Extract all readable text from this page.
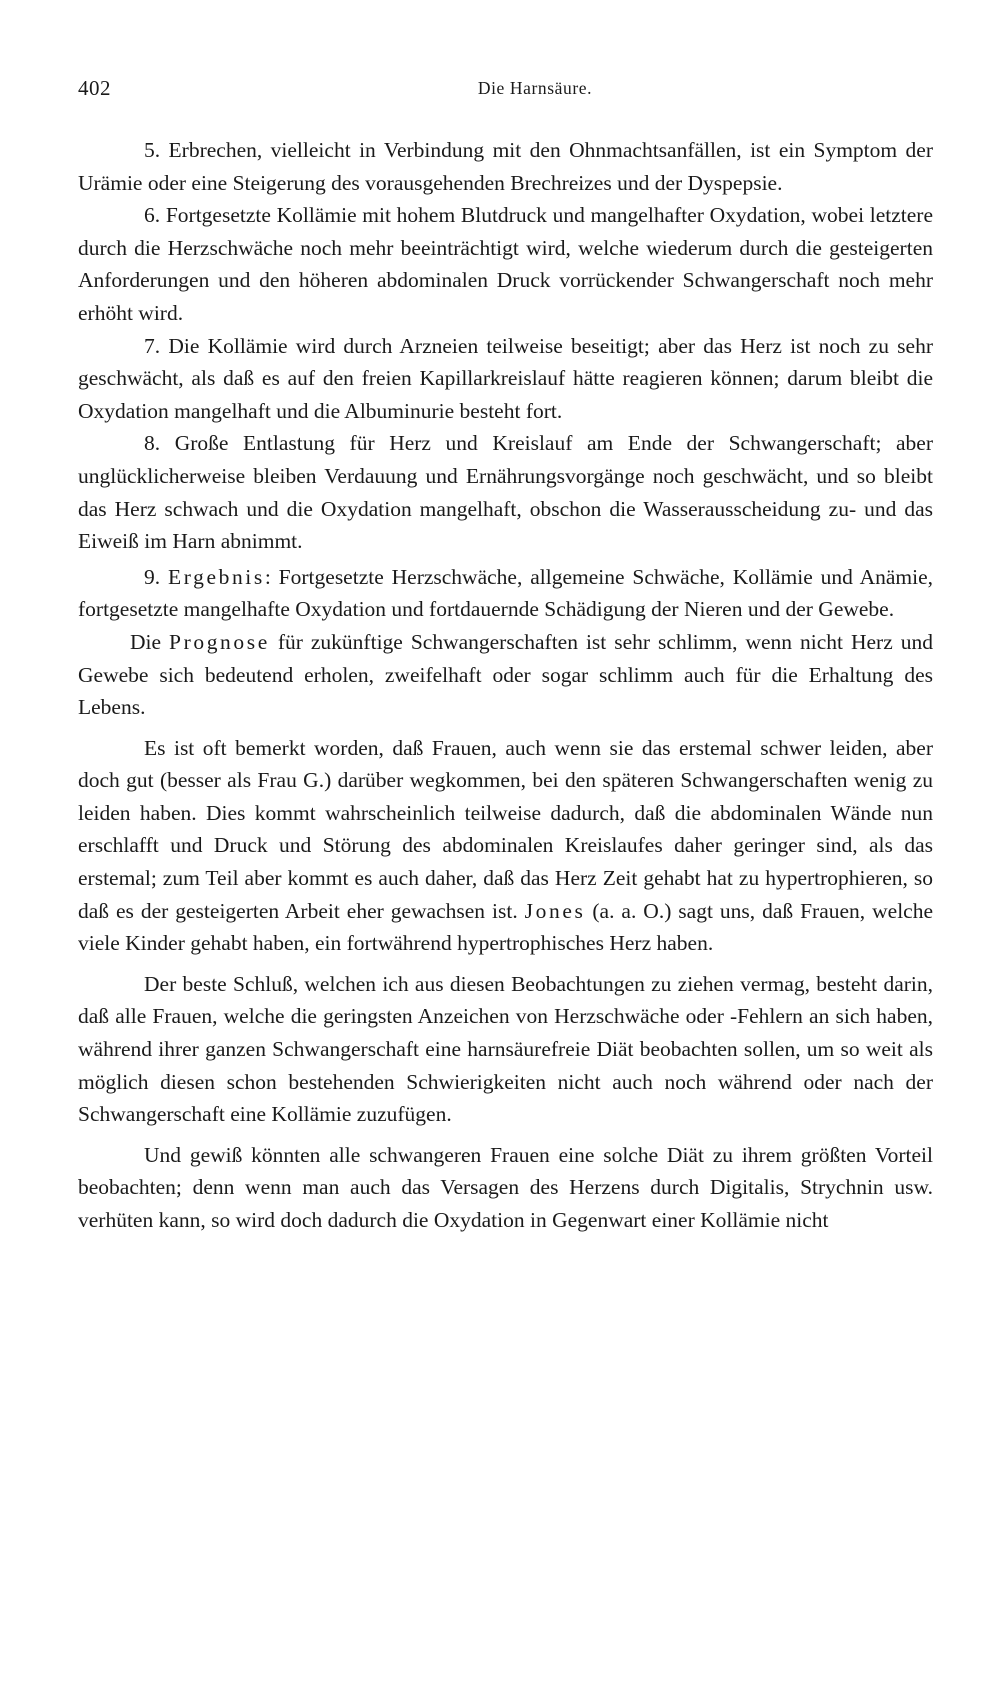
402	Die Harnsäure.

5. Erbrechen, vielleicht in Verbindung mit den Ohnmachtsanfällen, ist ein Symptom der Urämie oder eine Steigerung des vorausgehenden Brechreizes und der Dyspepsie.

6. Fortgesetzte Kollämie mit hohem Blutdruck und mangelhafter Oxydation, wobei letztere durch die Herzschwäche noch mehr beeinträchtigt wird, welche wiederum durch die gesteigerten Anforderungen und den höheren abdominalen Druck vorrückender Schwangerschaft noch mehr erhöht wird.

7. Die Kollämie wird durch Arzneien teilweise beseitigt; aber das Herz ist noch zu sehr geschwächt, als daß es auf den freien Kapillarkreislauf hätte reagieren können; darum bleibt die Oxydation mangelhaft und die Albuminurie besteht fort.

8. Große Entlastung für Herz und Kreislauf am Ende der Schwangerschaft; aber unglücklicherweise bleiben Verdauung und Ernährungsvorgänge noch geschwächt, und so bleibt das Herz schwach und die Oxydation mangelhaft, obschon die Wasserausscheidung zu- und das Eiweiß im Harn abnimmt.

9. Ergebnis: Fortgesetzte Herzschwäche, allgemeine Schwäche, Kollämie und Anämie, fortgesetzte mangelhafte Oxydation und fortdauernde Schädigung der Nieren und der Gewebe.

Die Prognose für zukünftige Schwangerschaften ist sehr schlimm, wenn nicht Herz und Gewebe sich bedeutend erholen, zweifelhaft oder sogar schlimm auch für die Erhaltung des Lebens.

Es ist oft bemerkt worden, daß Frauen, auch wenn sie das erstemal schwer leiden, aber doch gut (besser als Frau G.) darüber wegkommen, bei den späteren Schwangerschaften wenig zu leiden haben. Dies kommt wahrscheinlich teilweise dadurch, daß die abdominalen Wände nun erschlafft und Druck und Störung des abdominalen Kreislaufes daher geringer sind, als das erstemal; zum Teil aber kommt es auch daher, daß das Herz Zeit gehabt hat zu hypertrophieren, so daß es der gesteigerten Arbeit eher gewachsen ist. Jones (a. a. O.) sagt uns, daß Frauen, welche viele Kinder gehabt haben, ein fortwährend hypertrophisches Herz haben.

Der beste Schluß, welchen ich aus diesen Beobachtungen zu ziehen vermag, besteht darin, daß alle Frauen, welche die geringsten Anzeichen von Herzschwäche oder -Fehlern an sich haben, während ihrer ganzen Schwangerschaft eine harnsäurefreie Diät beobachten sollen, um so weit als möglich diesen schon bestehenden Schwierigkeiten nicht auch noch während oder nach der Schwangerschaft eine Kollämie zuzufügen.

Und gewiß könnten alle schwangeren Frauen eine solche Diät zu ihrem größten Vorteil beobachten; denn wenn man auch das Versagen des Herzens durch Digitalis, Strychnin usw. verhüten kann, so wird doch dadurch die Oxydation in Gegenwart einer Kollämie nicht
